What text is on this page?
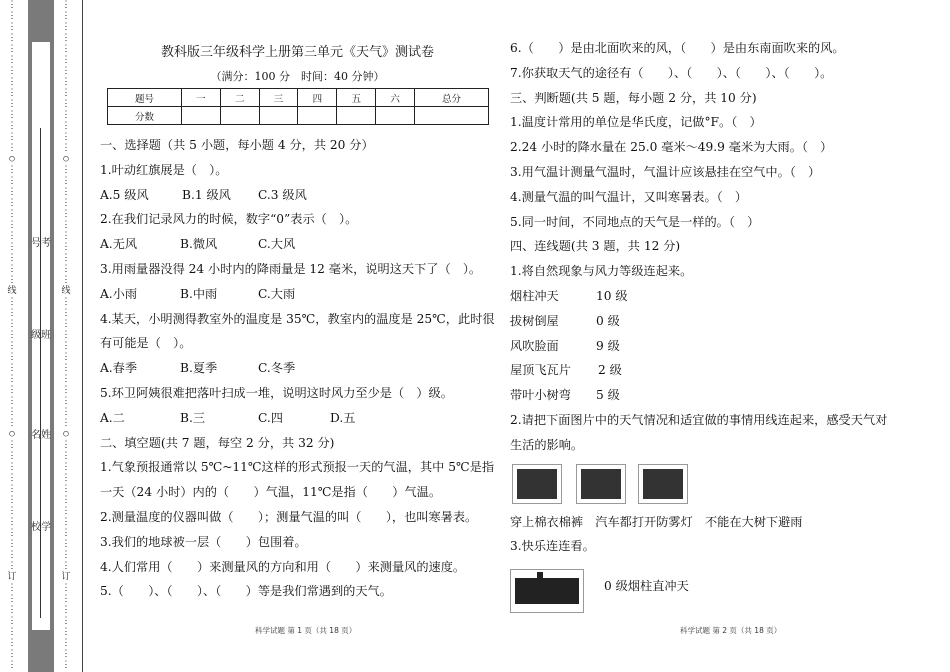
⋮
⋮
⋮
⋮
⋮
⋮
⋮
⋮
⋮
⋮
⋮
⋮
⋮
⋮
○
⋮
⋮
⋮
⋮
⋮
⋮
⋮
⋮
⋮
⋮
⋮
线
⋮
⋮
⋮
⋮
⋮
⋮
⋮
⋮
⋮
⋮
⋮
⋮
○
⋮
⋮
⋮
⋮
⋮
⋮
⋮
⋮
⋮
⋮
⋮
⋮
订
⋮
⋮
⋮
⋮
⋮
⋮
⋮
⋮

号考
级班
名姓
校学
⋮
⋮
⋮
⋮
⋮
⋮
⋮
⋮
⋮
⋮
⋮
⋮
⋮
⋮
○
⋮
⋮
⋮
⋮
⋮
⋮
⋮
⋮
⋮
⋮
⋮
线
⋮
⋮
⋮
⋮
⋮
⋮
⋮
⋮
⋮
⋮
⋮
⋮
○
⋮
⋮
⋮
⋮
⋮
⋮
⋮
⋮
⋮
⋮
⋮
⋮
订
⋮
⋮
⋮
⋮
⋮
⋮
⋮
⋮

教科版三年级科学上册第三单元《天气》测试卷
（满分：100 分　时间：40 分钟）
题号	一	二	三	四	五	六	总分
分数							
一、选择题（共 5 小题，每小题 4 分，共 20 分）
1.叶动红旗展是（　）。
A.5 级风	B.1 级风 C.3 级风
2.在我们记录风力的时候，数字“0”表示（　）。
A.无风	B.微风	C.大风
3.用雨量器没得 24 小时内的降雨量是 12 毫米，说明这天下了（　）。
A.小雨	B.中雨	C.大雨
4.某天，小明测得教室外的温度是 35℃，教室内的温度是 25℃，此时很
有可能是（　）。
A.春季	B.夏季	C.冬季
5.环卫阿姨很难把落叶扫成一堆，说明这时风力至少是（　）级。
A.二	B.三	C.四	D.五
二、填空题(共 7 题，每空 2 分，共 32 分)
1.气象预报通常以 5℃~11℃这样的形式预报一天的气温，其中 5℃是指
一天（24 小时）内的（　　）气温，11℃是指（　　）气温。
2.测量温度的仪器叫做（　　）；测量气温的叫（　　），也叫寒暑表。
3.我们的地球被一层（　　）包围着。
4.人们常用（　　）来测量风的方向和用（　　）来测量风的速度。
5.（　　）、（　　）、（　　）等是我们常遇到的天气。
科学试题 第 1 页（共 18 页）
6.（　　）是由北面吹来的风，（　　）是由东南面吹来的风。
7.你获取天气的途径有（　　）、（　　）、（　　）、（　　）。
三、判断题(共 5 题，每小题 2 分，共 10 分)
1.温度计常用的单位是华氏度，记做°F。（　）
2.24 小时的降水量在 25.0 毫米～49.9 毫米为大雨。（　）
3.用气温计测量气温时，气温计应该悬挂在空气中。（　）
4.测量气温的叫气温计，又叫寒暑表。（　）
5.同一时间，不同地点的天气是一样的。（　）
四、连线题(共 3 题，共 12 分)
1.将自然现象与风力等级连起来。
烟柱冲天	10 级
拔树倒屋	0 级
风吹脸面	9 级
屋顶飞瓦片 2 级
带叶小树弯 5 级
2.请把下面图片中的天气情况和适宜做的事情用线连起来，感受天气对
生活的影响。
穿上棉衣棉裤　汽车都打开防雾灯　不能在大树下避雨
3.快乐连连看。
0 级烟柱直冲天
科学试题 第 2 页（共 18 页）
